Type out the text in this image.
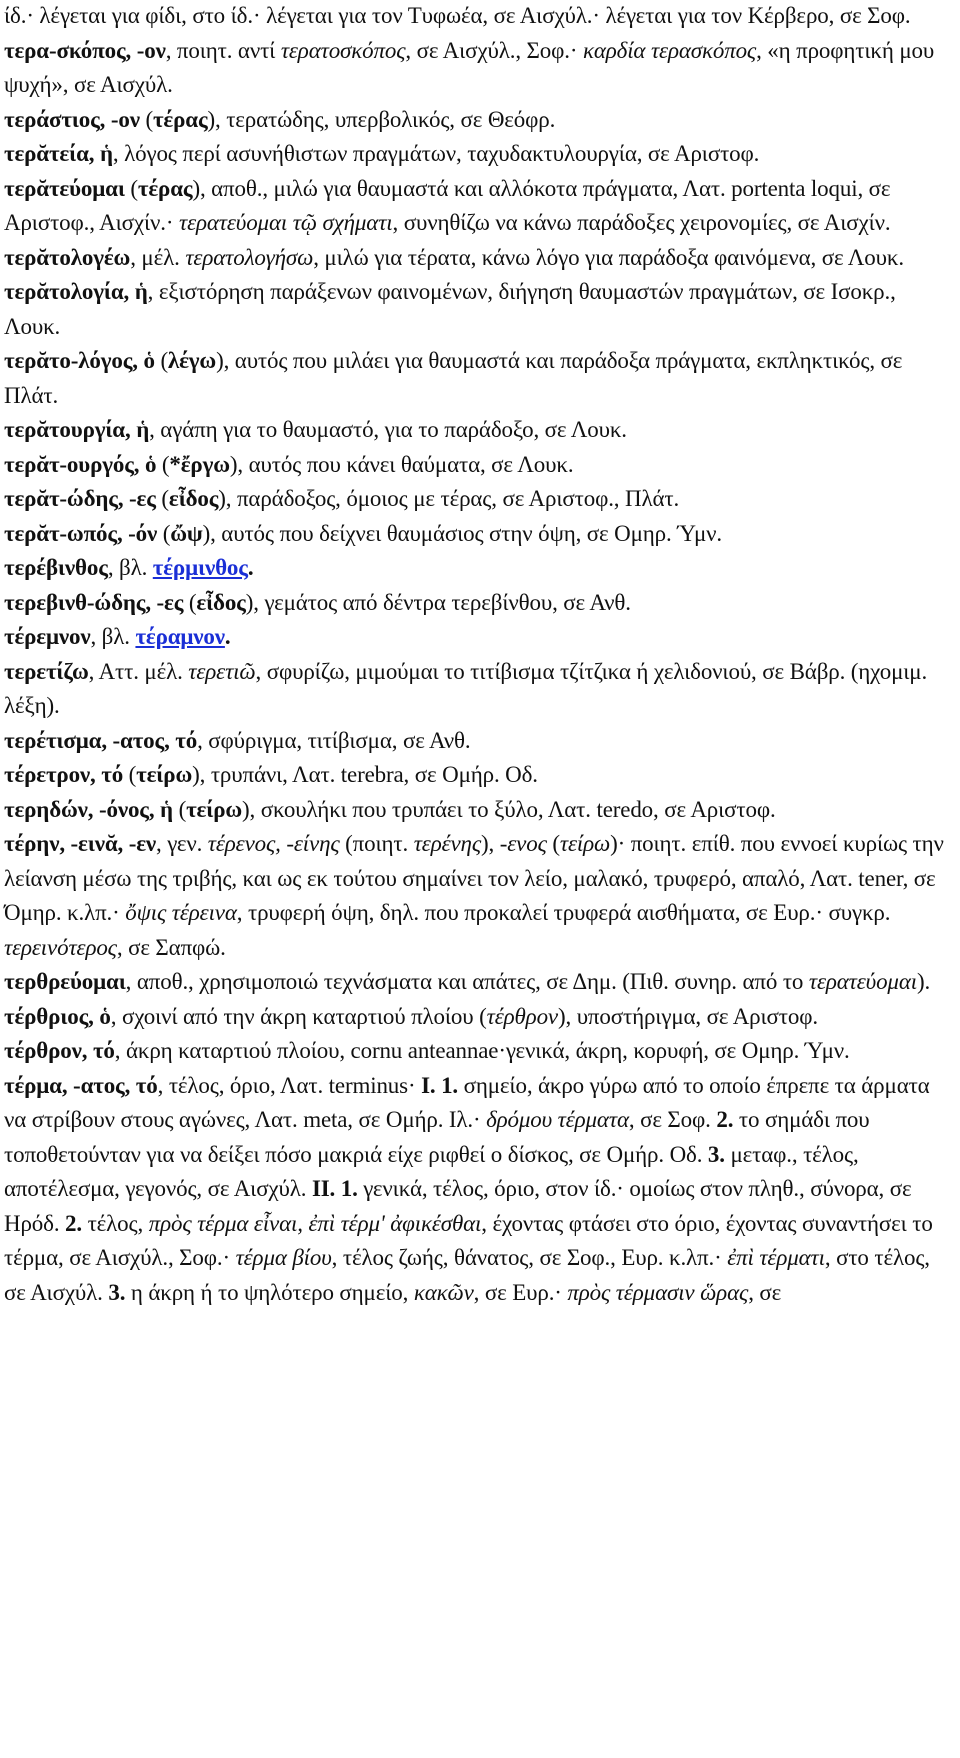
ίδ.· λέγεται για φίδι, στο ίδ.· λέγεται για τον Τυφωέα, σε Αισχύλ.· λέγεται για τον Κέρβερο, σε Σοφ.

τερα-σκόπος, -ον, ποιητ. αντί τερατοσκόπος, σε Αισχύλ., Σοφ.· καρδία τερασκόπος, «η προφητική μου ψυχή», σε Αισχύλ.

τεράστιος, -ον (τέρας), τερατώδης, υπερβολικός, σε Θεόφρ.

τερᾰτεία, ἡ, λόγος περί ασυνήθιστων πραγμάτων, ταχυδακτυλουργία, σε Αριστοφ.

τερᾰτεύομαι (τέρας), αποθ., μιλώ για θαυμαστά και αλλόκοτα πράγματα, Λατ. portenta loqui, σε Αριστοφ., Αισχίν.· τερατεύομαι τῷ σχήματι, συνηθίζω να κάνω παράδοξες χειρονομίες, σε Αισχίν.

τερᾰτολογέω, μέλ. τερατολογήσω, μιλώ για τέρατα, κάνω λόγο για παράδοξα φαινόμενα, σε Λουκ.

τερᾰτολογία, ἡ, εξιστόρηση παράξενων φαινομένων, διήγηση θαυμαστών πραγμάτων, σε Ισοκρ., Λουκ.

τερᾰτο-λόγος, ὁ (λέγω), αυτός που μιλάει για θαυμαστά και παράδοξα πράγματα, εκπληκτικός, σε Πλάτ.

τερᾰτουργία, ἡ, αγάπη για το θαυμαστό, για το παράδοξο, σε Λουκ.

τερᾰτ-ουργός, ὁ (*ἔργω), αυτός που κάνει θαύματα, σε Λουκ.

τερᾰτ-ώδης, -ες (εἶδος), παράδοξος, όμοιος με τέρας, σε Αριστοφ., Πλάτ.

τερᾰτ-ωπός, -όν (ὤψ), αυτός που δείχνει θαυμάσιος στην όψη, σε Ομηρ. Ύμν.

τερέβινθος, βλ. τέρμινθος.

τερεβινθ-ώδης, -ες (εἶδος), γεμάτος από δέντρα τερεβίνθου, σε Ανθ.

τέρεμνον, βλ. τέραμνον.

τερετίζω, Αττ. μέλ. τερετιῶ, σφυρίζω, μιμούμαι το τιτίβισμα τζίτζικα ή χελιδονιού, σε Βάβρ. (ηχομιμ. λέξη).

τερέτισμα, -ατος, τό, σφύριγμα, τιτίβισμα, σε Ανθ.

τέρετρον, τό (τείρω), τρυπάνι, Λατ. terebra, σε Ομήρ. Οδ.

τερηδών, -όνος, ἡ (τείρω), σκουλήκι που τρυπάει το ξύλο, Λατ. teredo, σε Αριστοφ.

τέρην, -εινᾰ, -εν, γεν. τέρενος, -είνης (ποιητ. τερένης), -ενος (τείρω)· ποιητ. επίθ. που εννοεί κυρίως την λείανση μέσω της τριβής, και ως εκ τούτου σημαίνει τον λείο, μαλακό, τρυφερό, απαλό, Λατ. tener, σε Όμηρ. κ.λπ.· ὄψις τέρεινα, τρυφερή όψη, δηλ. που προκαλεί τρυφερά αισθήματα, σε Ευρ.· συγκρ. τερεινότερος, σε Σαπφώ.

τερθρεύομαι, αποθ., χρησιμοποιώ τεχνάσματα και απάτες, σε Δημ. (Πιθ. συνηρ. από το τερατεύομαι).

τέρθριος, ὁ, σχοινί από την άκρη καταρτιού πλοίου (τέρθρον), υποστήριγμα, σε Αριστοφ.

τέρθρον, τό, άκρη καταρτιού πλοίου, cornu anteannae·γενικά, άκρη, κορυφή, σε Ομηρ. Ύμν.

τέρμα, -ατος, τό, τέλος, όριο, Λατ. terminus· I. 1. σημείο, άκρο γύρω από το οποίο έπρεπε τα άρματα να στρίβουν στους αγώνες, Λατ. meta, σε Ομήρ. Ιλ.· δρόμου τέρματα, σε Σοφ. 2. το σημάδι που τοποθετούνταν για να δείξει πόσο μακριά είχε ριφθεί ο δίσκος, σε Ομήρ. Οδ. 3. μεταφ., τέλος, αποτέλεσμα, γεγονός, σε Αισχύλ. II. 1. γενικά, τέλος, όριο, στον ίδ.· ομοίως στον πληθ., σύνορα, σε Ηρόδ. 2. τέλος, πρὸς τέρμα εἶναι, ἐπὶ τέρμ' ἀφικέσθαι, έχοντας φτάσει στο όριο, έχοντας συναντήσει το τέρμα, σε Αισχύλ., Σοφ.· τέρμα βίου, τέλος ζωής, θάνατος, σε Σοφ., Ευρ. κ.λπ.· ἐπὶ τέρματι, στο τέλος, σε Αισχύλ. 3. η άκρη ή το ψηλότερο σημείο, κακῶν, σε Ευρ.· πρὸς τέρμασιν ὥρας, σε
